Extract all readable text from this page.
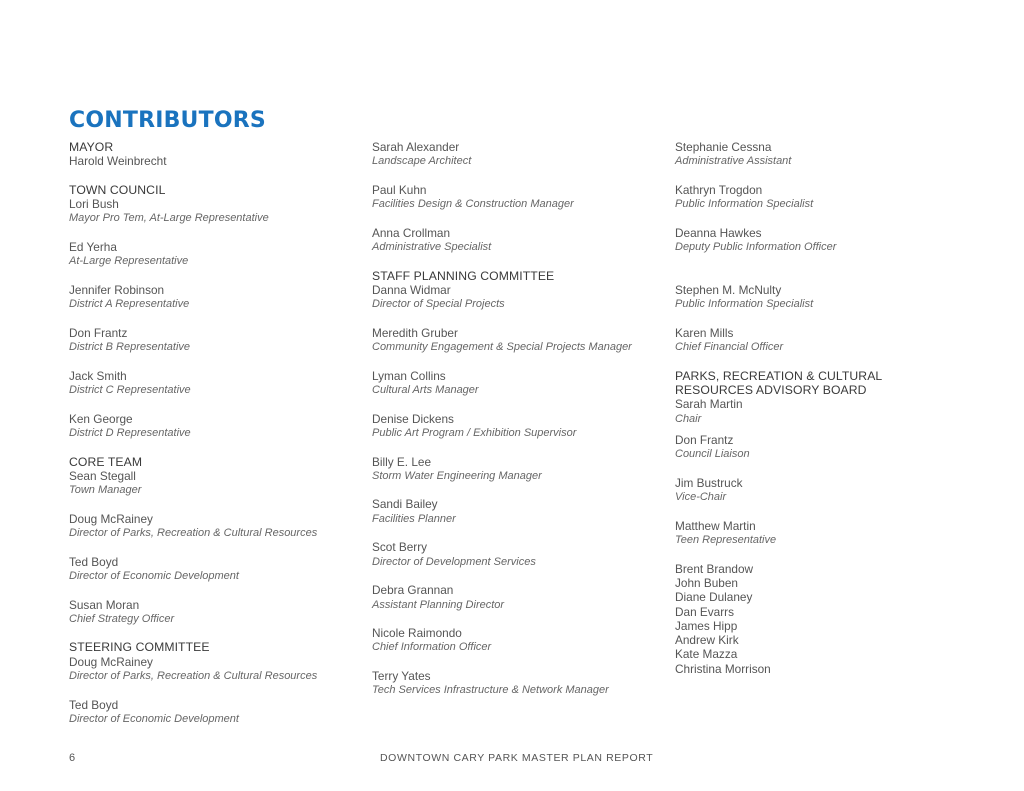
CONTRIBUTORS
MAYOR
Harold Weinbrecht
TOWN COUNCIL
Lori Bush
Mayor Pro Tem, At-Large Representative
Ed Yerha
At-Large Representative
Jennifer Robinson
District A Representative
Don Frantz
District B Representative
Jack Smith
District C Representative
Ken George
District D Representative
CORE TEAM
Sean Stegall
Town Manager
Doug McRainey
Director of Parks, Recreation & Cultural Resources
Ted Boyd
Director of Economic Development
Susan Moran
Chief Strategy Officer
STEERING COMMITTEE
Doug McRainey
Director of Parks, Recreation & Cultural Resources
Ted Boyd
Director of Economic Development
Sarah Alexander
Landscape Architect
Paul Kuhn
Facilities Design & Construction Manager
Anna Crollman
Administrative Specialist
STAFF PLANNING COMMITTEE
Danna Widmar
Director of Special Projects
Meredith Gruber
Community Engagement & Special Projects Manager
Lyman Collins
Cultural Arts Manager
Denise Dickens
Public Art Program / Exhibition Supervisor
Billy E. Lee
Storm Water Engineering Manager
Sandi Bailey
Facilities Planner
Scot Berry
Director of Development Services
Debra Grannan
Assistant Planning Director
Nicole Raimondo
Chief Information Officer
Terry Yates
Tech Services Infrastructure & Network Manager
Stephanie Cessna
Administrative Assistant
Kathryn Trogdon
Public Information Specialist
Deanna Hawkes
Deputy Public Information Officer
Stephen M. McNulty
Public Information Specialist
Karen Mills
Chief Financial Officer
PARKS, RECREATION & CULTURAL
RESOURCES ADVISORY BOARD
Sarah Martin
Chair
Don Frantz
Council Liaison
Jim Bustruck
Vice-Chair
Matthew Martin
Teen Representative
Brent Brandow
John Buben
Diane Dulaney
Dan Evarrs
James Hipp
Andrew Kirk
Kate Mazza
Christina Morrison
6	DOWNTOWN CARY PARK MASTER PLAN REPORT
